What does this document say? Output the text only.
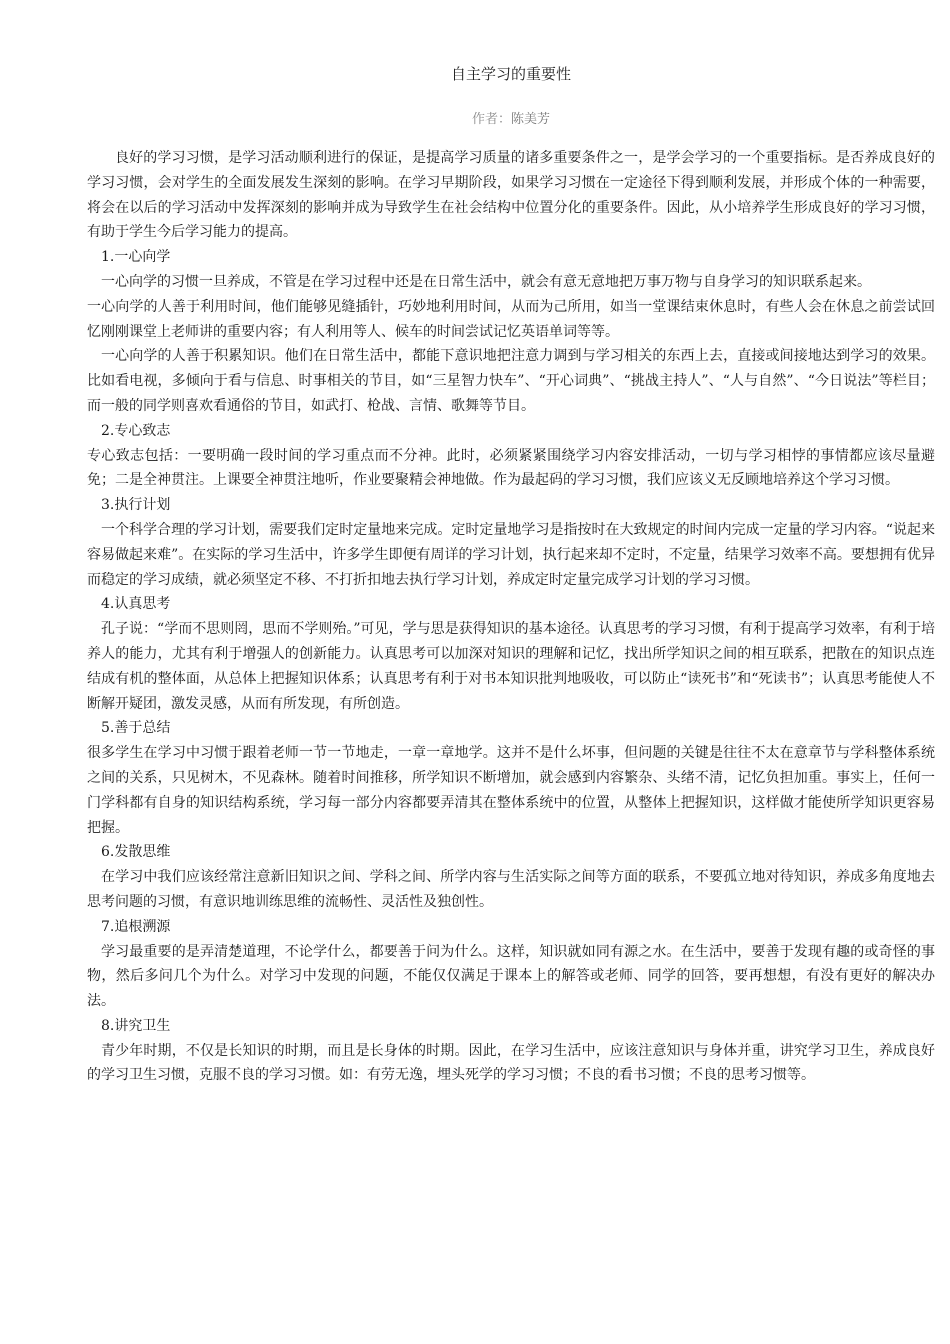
自主学习的重要性
作者：陈美芳

良好的学习习惯，是学习活动顺利进行的保证，是提高学习质量的诸多重要条件之一，是学会学习的一个重要指标。是否养成良好的学习习惯，会对学生的全面发展发生深刻的影响。在学习早期阶段，如果学习习惯在一定途径下得到顺利发展，并形成个体的一种需要，将会在以后的学习活动中发挥深刻的影响并成为导致学生在社会结构中位置分化的重要条件。因此，从小培养学生形成良好的学习习惯，有助于学生今后学习能力的提高。

1.一心向学

一心向学的习惯一旦养成，不管是在学习过程中还是在日常生活中，就会有意无意地把万事万物与自身学习的知识联系起来。

一心向学的人善于利用时间，他们能够见缝插针，巧妙地利用时间，从而为己所用，如当一堂课结束休息时，有些人会在休息之前尝试回忆刚刚课堂上老师讲的重要内容；有人利用等人、候车的时间尝试记忆英语单词等等。

一心向学的人善于积累知识。他们在日常生活中，都能下意识地把注意力调到与学习相关的东西上去，直接或间接地达到学习的效果。比如看电视，多倾向于看与信息、时事相关的节目，如“三星智力快车”、“开心词典”、“挑战主持人”、“人与自然”、“今日说法”等栏目；而一般的同学则喜欢看通俗的节目，如武打、枪战、言情、歌舞等节目。

2.专心致志

专心致志包括：一要明确一段时间的学习重点而不分神。此时，必须紧紧围绕学习内容安排活动，一切与学习相悖的事情都应该尽量避免；二是全神贯注。上课要全神贯注地听，作业要聚精会神地做。作为最起码的学习习惯，我们应该义无反顾地培养这个学习习惯。

3.执行计划

一个科学合理的学习计划，需要我们定时定量地来完成。定时定量地学习是指按时在大致规定的时间内完成一定量的学习内容。“说起来容易做起来难”。在实际的学习生活中，许多学生即便有周详的学习计划，执行起来却不定时，不定量，结果学习效率不高。要想拥有优异而稳定的学习成绩，就必须坚定不移、不打折扣地去执行学习计划，养成定时定量完成学习计划的学习习惯。

4.认真思考

孔子说：“学而不思则罔，思而不学则殆。”可见，学与思是获得知识的基本途径。认真思考的学习习惯，有利于提高学习效率，有利于培养人的能力，尤其有利于增强人的创新能力。认真思考可以加深对知识的理解和记忆，找出所学知识之间的相互联系，把散在的知识点连结成有机的整体面，从总体上把握知识体系；认真思考有利于对书本知识批判地吸收，可以防止“读死书”和“死读书”；认真思考能使人不断解开疑团，激发灵感，从而有所发现，有所创造。

5.善于总结

很多学生在学习中习惯于跟着老师一节一节地走，一章一章地学。这并不是什么坏事，但问题的关键是往往不太在意章节与学科整体系统之间的关系，只见树木，不见森林。随着时间推移，所学知识不断增加，就会感到内容繁杂、头绪不清，记忆负担加重。事实上，任何一门学科都有自身的知识结构系统，学习每一部分内容都要弄清其在整体系统中的位置，从整体上把握知识，这样做才能使所学知识更容易把握。

6.发散思维

在学习中我们应该经常注意新旧知识之间、学科之间、所学内容与生活实际之间等方面的联系，不要孤立地对待知识，养成多角度地去思考问题的习惯，有意识地训练思维的流畅性、灵活性及独创性。

7.追根溯源

学习最重要的是弄清楚道理，不论学什么，都要善于问为什么。这样，知识就如同有源之水。在生活中，要善于发现有趣的或奇怪的事物，然后多问几个为什么。对学习中发现的问题，不能仅仅满足于课本上的解答或老师、同学的回答，要再想想，有没有更好的解决办法。

8.讲究卫生

青少年时期，不仅是长知识的时期，而且是长身体的时期。因此，在学习生活中，应该注意知识与身体并重，讲究学习卫生，养成良好的学习卫生习惯，克服不良的学习习惯。如：有劳无逸，埋头死学的学习习惯；不良的看书习惯；不良的思考习惯等。
